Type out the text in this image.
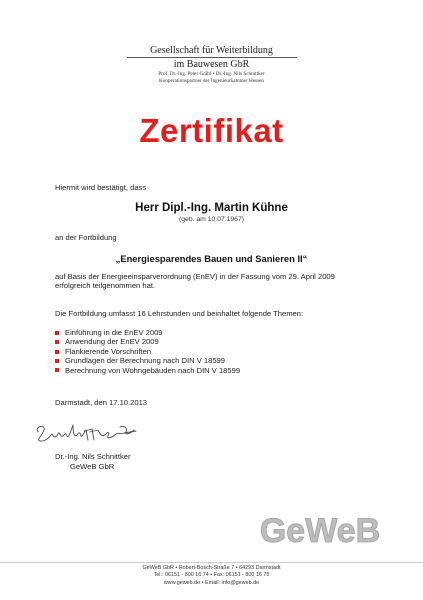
Gesellschaft für Weiterbildung
im Bauwesen GbR
Prof. Dr.-Ing. Peter Gräbl • Dr.-Ing. Nils Schnittker
Kooperationspartner der Ingenieurkammer Hessen
Zertifikat
Hiermit wird bestätigt, dass
Herr Dipl.-Ing. Martin Kühne
(geb. am 10.07.1967)
an der Fortbildung
„Energiesparendes Bauen und Sanieren II“
auf Basis der Energieeinsparverordnung (EnEV) in der Fassung vom 29. April 2009
erfolgreich teilgenommen hat.
Die Fortbildung umfasst 16 Lehrstunden und beinhaltet folgende Themen:
Einführung in die EnEV 2009
Anwendung der EnEV 2009
Flankierende Vorschriften
Grundlagen der Berechnung nach DIN V 18599
Berechnung von Wohngebäuden nach DIN V 18599
Darmstadt, den 17.10.2013
Dr.-Ing. Nils Schnittker
GeWeB GbR
GeWeB
GeWeB GbR • Robert-Bosch-Straße 7 • 64293 Darmstadt
Tel.: 06151 - 800 16 74 • Fax: 06151 - 800 16 75
www.geweb.de • Email: info@geweb.de
